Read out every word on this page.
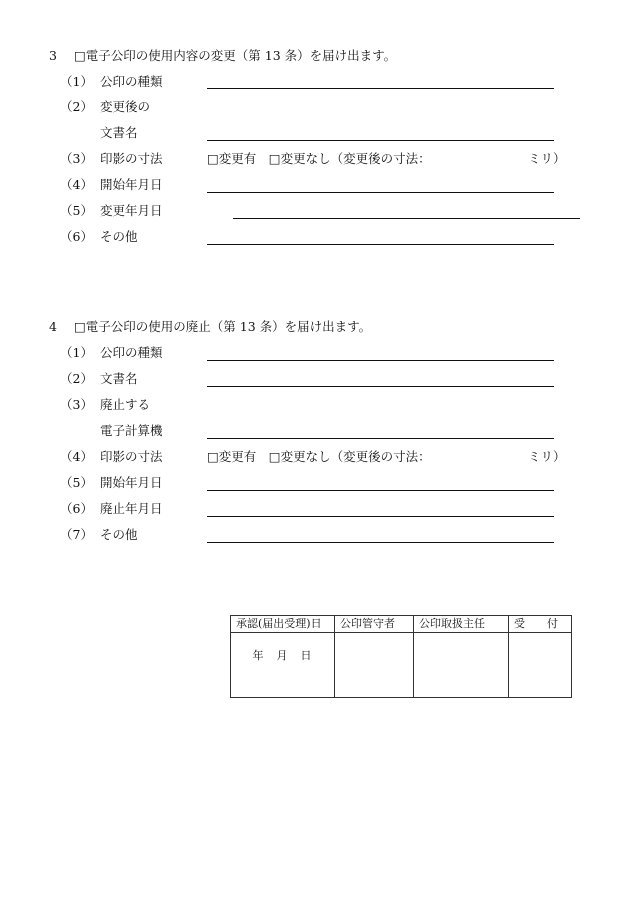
3 □電子公印の使用内容の変更（第 13 条）を届け出ます。
（1） 公印の種類
（2） 変更後の
文書名
（3） 印影の寸法	□変更有　□変更なし（変更後の寸法：	ミリ）
（4） 開始年月日
（5） 変更年月日
（6） その他
4 □電子公印の使用の廃止（第 13 条）を届け出ます。
（1） 公印の種類
（2） 文書名
（3） 廃止する
電子計算機
（4） 印影の寸法	□変更有　□変更なし（変更後の寸法：	ミリ）
（5） 開始年月日
（6） 廃止年月日
（7） その他
承認(届出受理)日	公印管守者	公印取扱主任	受　　付
年　月　日			
